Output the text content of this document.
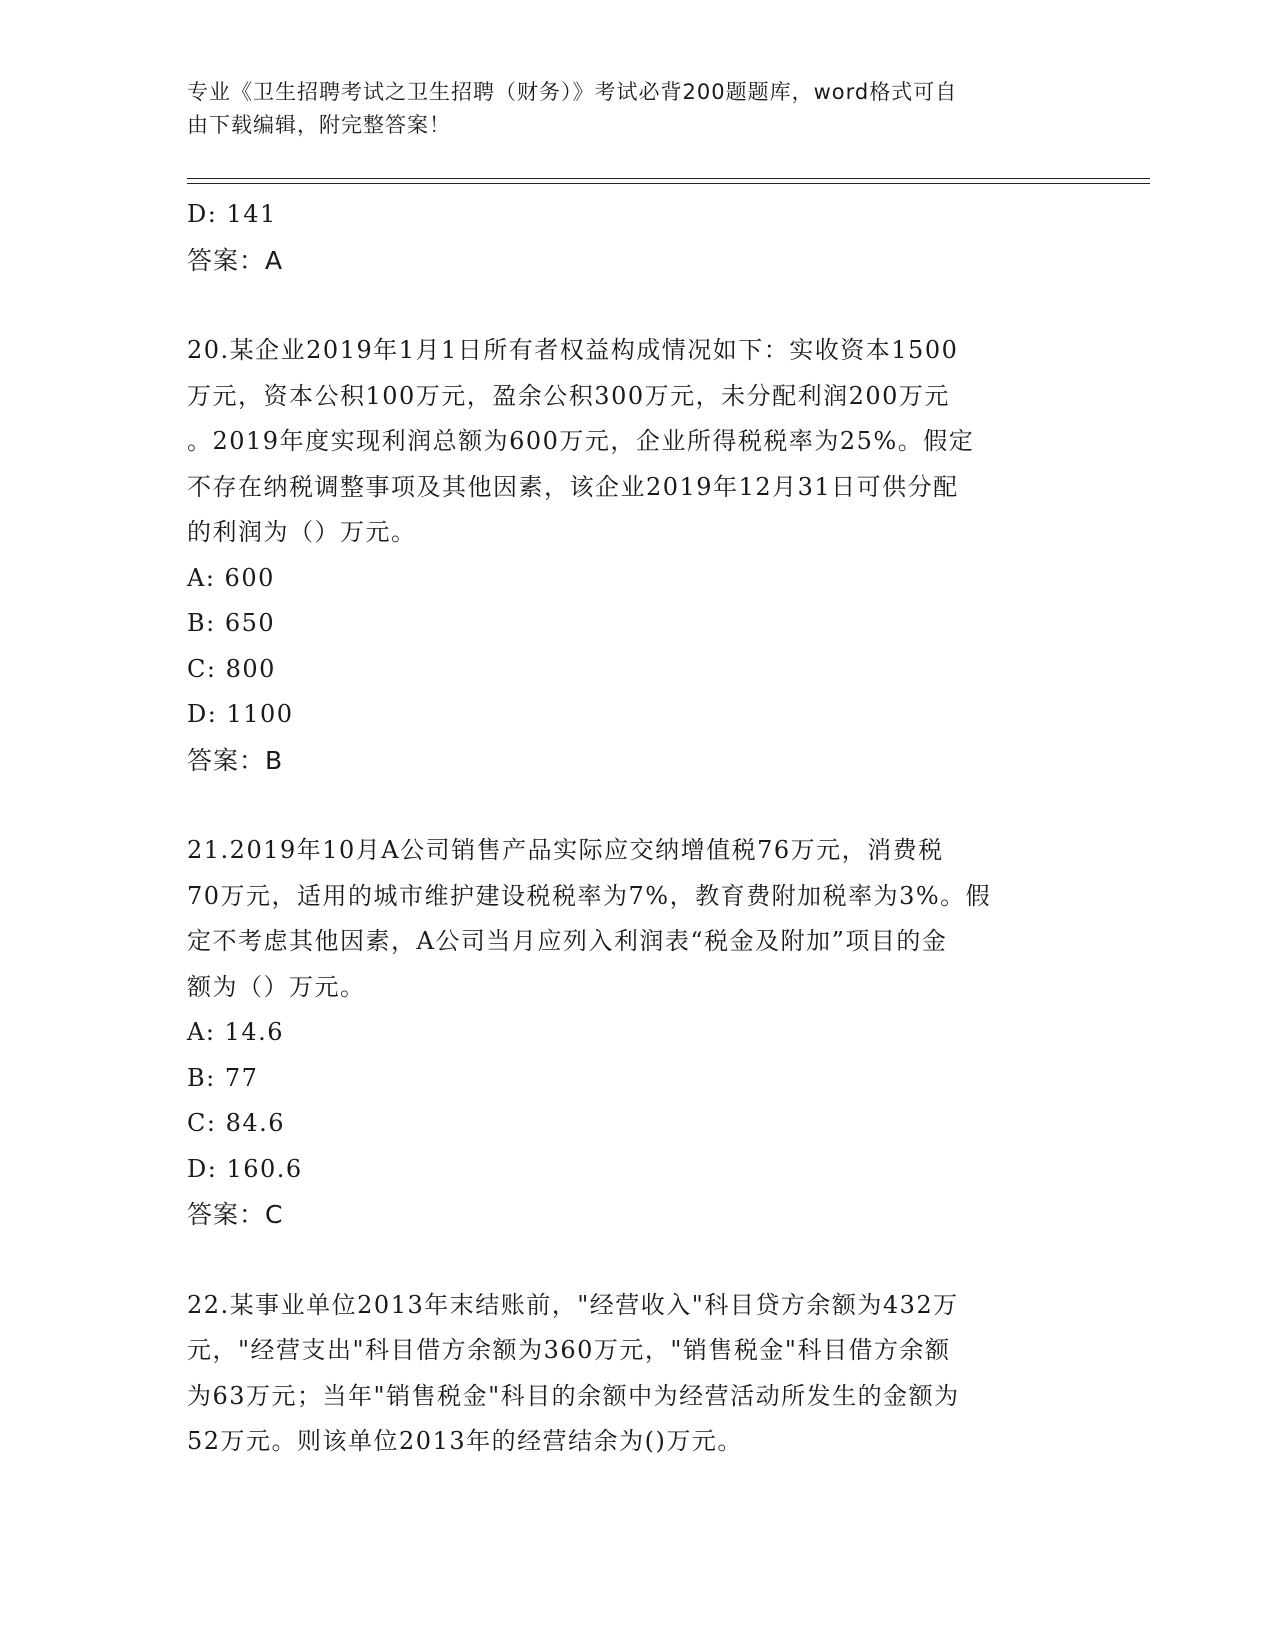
专业《卫生招聘考试之卫生招聘（财务）》考试必背200题题库，word格式可自
由下载编辑，附完整答案！
D: 141
答案：A
20.某企业2019年1月1日所有者权益构成情况如下：实收资本1500
万元，资本公积100万元，盈余公积300万元，未分配利润200万元
。2019年度实现利润总额为600万元，企业所得税税率为25%。假定
不存在纳税调整事项及其他因素，该企业2019年12月31日可供分配
的利润为（）万元。
A: 600
B: 650
C: 800
D: 1100
答案：B
21.2019年10月A公司销售产品实际应交纳增值税76万元，消费税
70万元，适用的城市维护建设税税率为7%，教育费附加税率为3%。假
定不考虑其他因素，A公司当月应列入利润表“税金及附加”项目的金
额为（）万元。
A: 14.6
B: 77
C: 84.6
D: 160.6
答案：C
22.某事业单位2013年末结账前，"经营收入"科目贷方余额为432万
元，"经营支出"科目借方余额为360万元，"销售税金"科目借方余额
为63万元；当年"销售税金"科目的余额中为经营活动所发生的金额为
52万元。则该单位2013年的经营结余为()万元。
